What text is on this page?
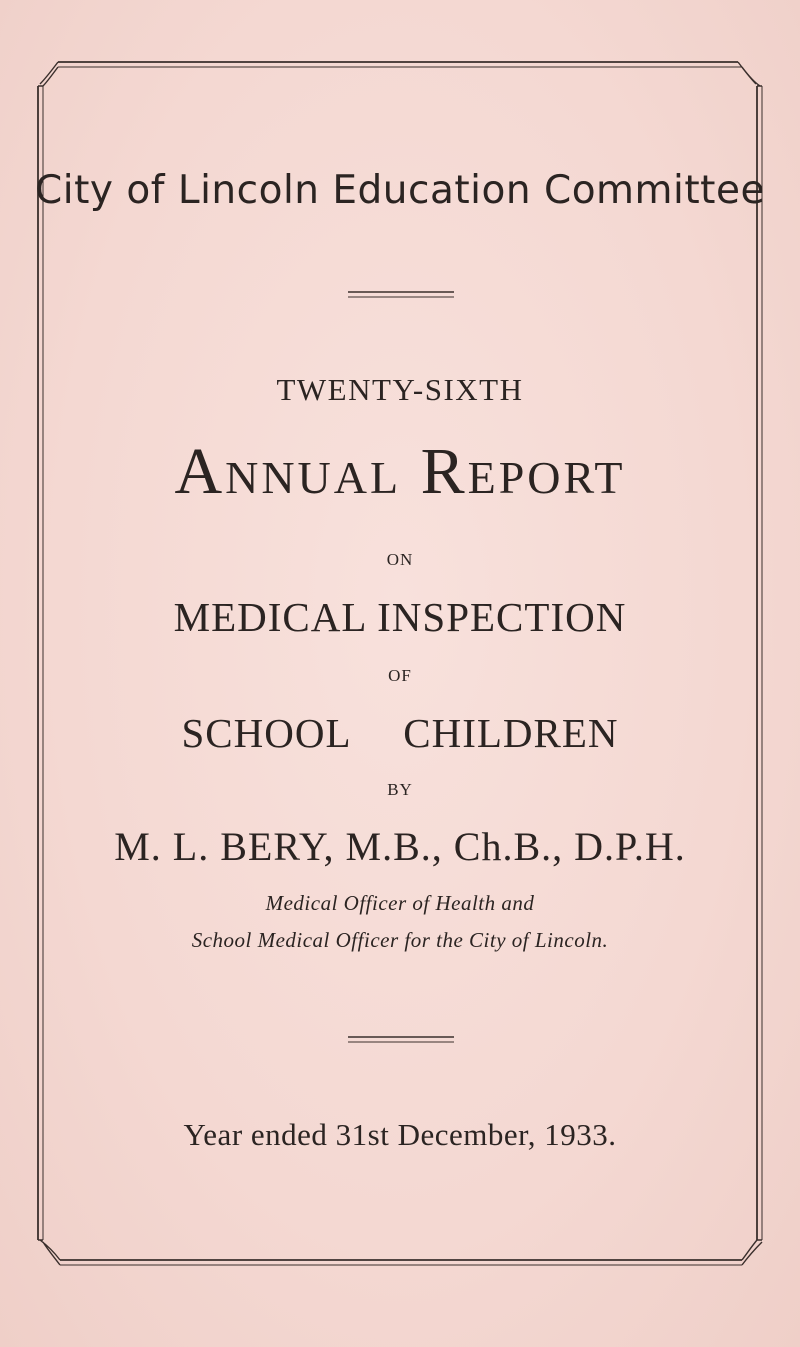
City of Lincoln Education Committee
TWENTY-SIXTH
Annual Report
ON
MEDICAL INSPECTION
OF
SCHOOL CHILDREN
BY
M. L. BERY, M.B., Ch.B., D.P.H.
Medical Officer of Health and
School Medical Officer for the City of Lincoln.
Year ended 31st December, 1933.
